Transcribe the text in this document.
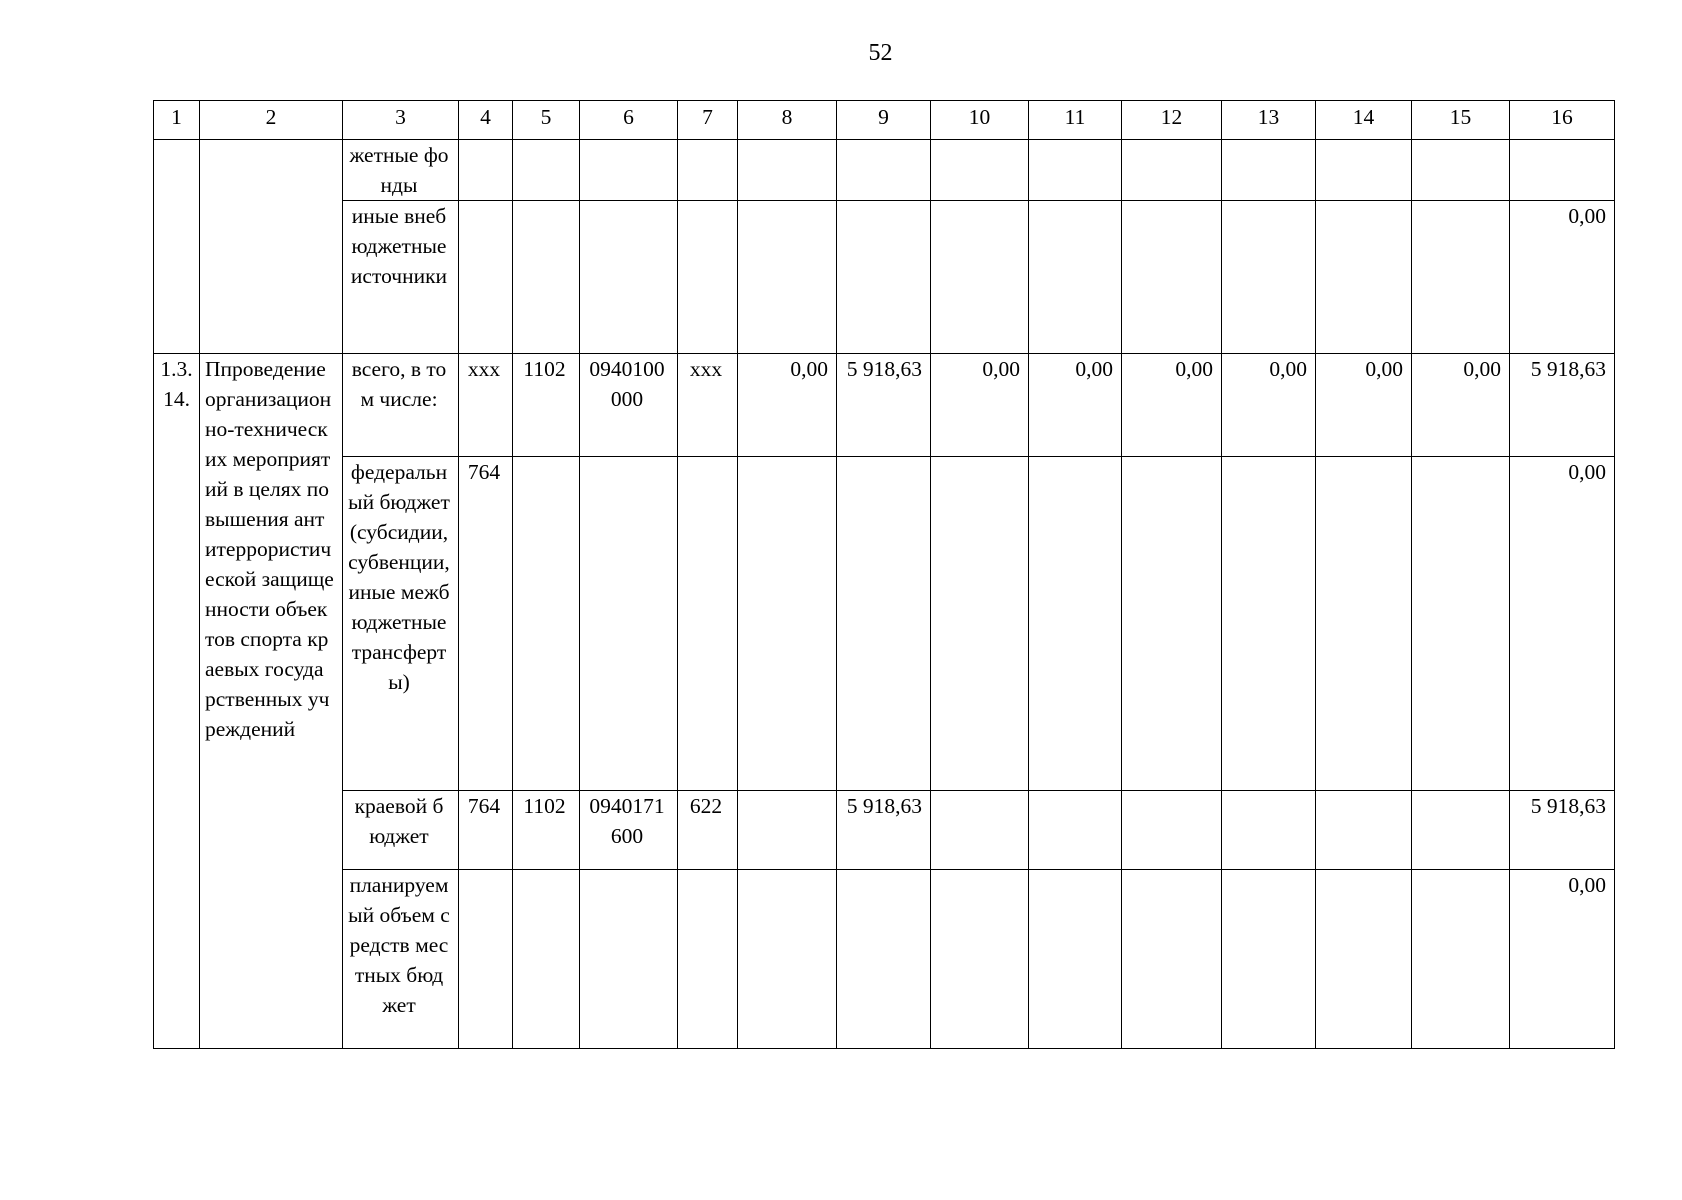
52
1	2	3	4	5	6	7	8	9	10	11	12	13	14	15	16
		жетные фонды													
		иные внебюджетные источники													0,00
1.3.14.	Ппроведение организационно-технических мероприятий в целях повышения антитеррористической защищенности объектов спорта краевых государственных учреждений	всего, в том числе:	ххх	1102	0940100000	ххх	0,00	5 918,63	0,00	0,00	0,00	0,00	0,00	0,00	5 918,63
		федеральный бюджет (субсидии, субвенции, иные межбюджетные трансферты)	764												0,00
		краевой бюджет	764	1102	0940171600	622		5 918,63							5 918,63
		планируемый объем средств местных бюджет													0,00
